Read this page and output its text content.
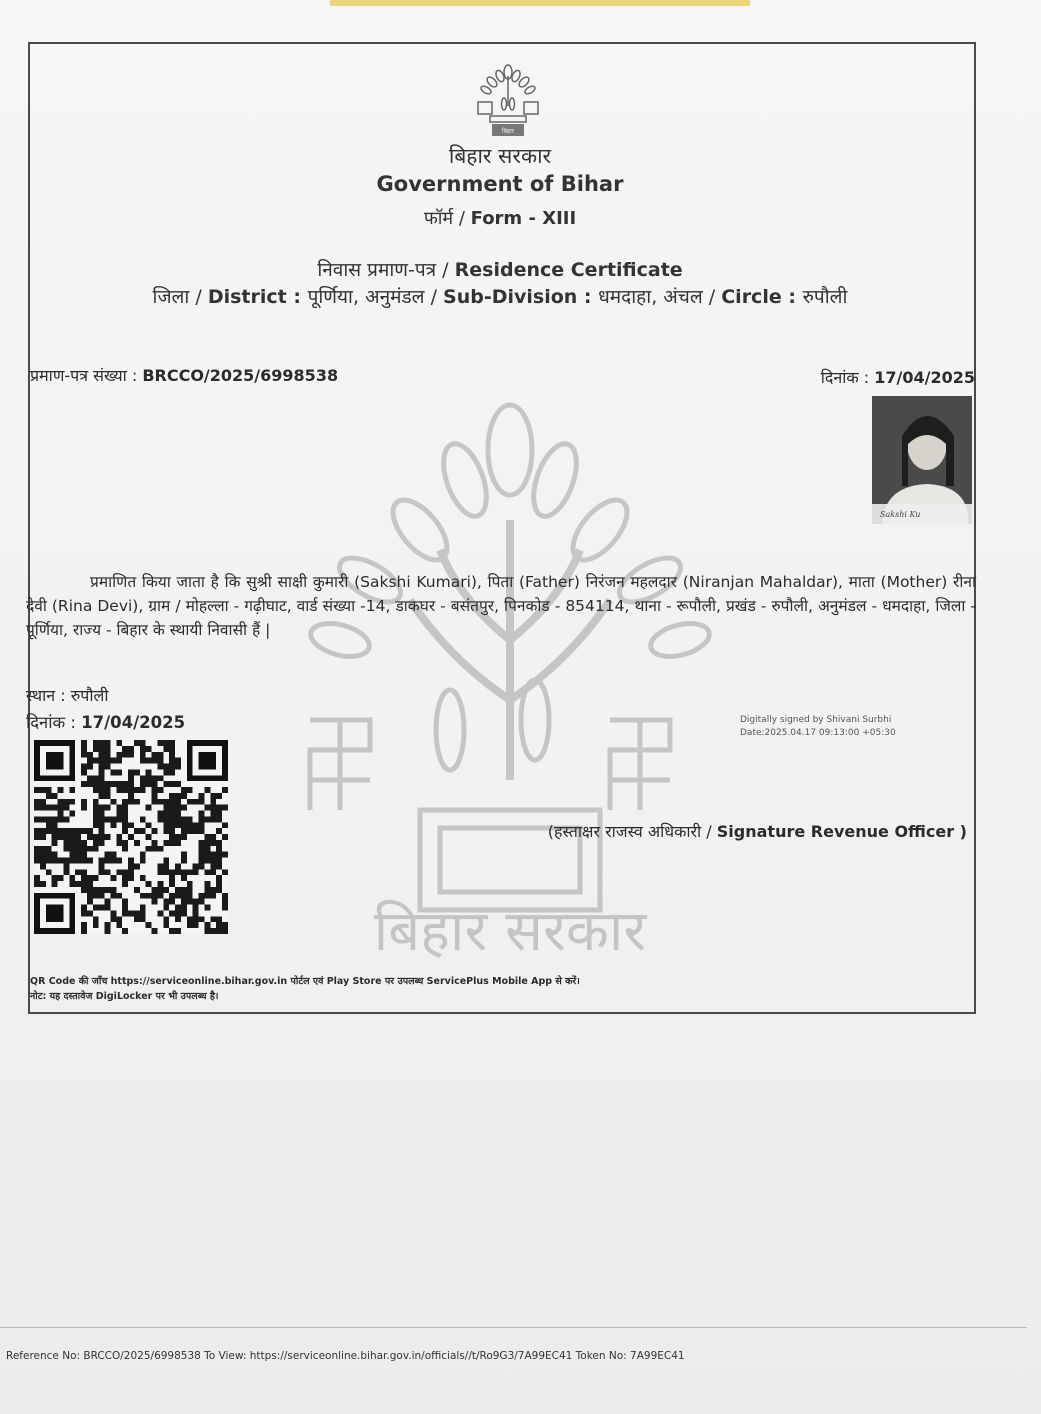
बिहार
बिहार सरकार
Government of Bihar
फॉर्म / Form - XIII
निवास प्रमाण-पत्र / Residence Certificate
जिला / District : पूर्णिया, अनुमंडल / Sub-Division : धमदाहा, अंचल / Circle : रुपौली
प्रमाण-पत्र संख्या : BRCCO/2025/6998538	दिनांक : 17/04/2025
बिहार सरकार
Sakshi Ku
प्रमाणित किया जाता है कि सुश्री साक्षी कुमारी (Sakshi Kumari), पिता (Father) निरंजन महलदार (Niranjan Mahaldar), माता (Mother) रीना देवी (Rina Devi), ग्राम / मोहल्ला - गढ़ीघाट, वार्ड संख्या -14, डाकघर - बसंतपुर, पिनकोड - 854114, थाना - रूपौली, प्रखंड - रुपौली, अनुमंडल - धमदाहा, जिला - पूर्णिया, राज्य - बिहार के स्थायी निवासी हैं |
स्थान : रुपौली
दिनांक : 17/04/2025	Digitally signed by Shivani Surbhi
Date:2025.04.17 09:13:00 +05:30
(हस्ताक्षर राजस्व अधिकारी / Signature Revenue Officer )
QR Code की जाँच https://serviceonline.bihar.gov.in पोर्टल एवं Play Store पर उपलब्ध ServicePlus Mobile App से करें।
नोट: यह दस्तावेज DigiLocker पर भी उपलब्ध है।
Reference No: BRCCO/2025/6998538 To View: https://serviceonline.bihar.gov.in/officials//t/Ro9G3/7A99EC41 Token No: 7A99EC41
